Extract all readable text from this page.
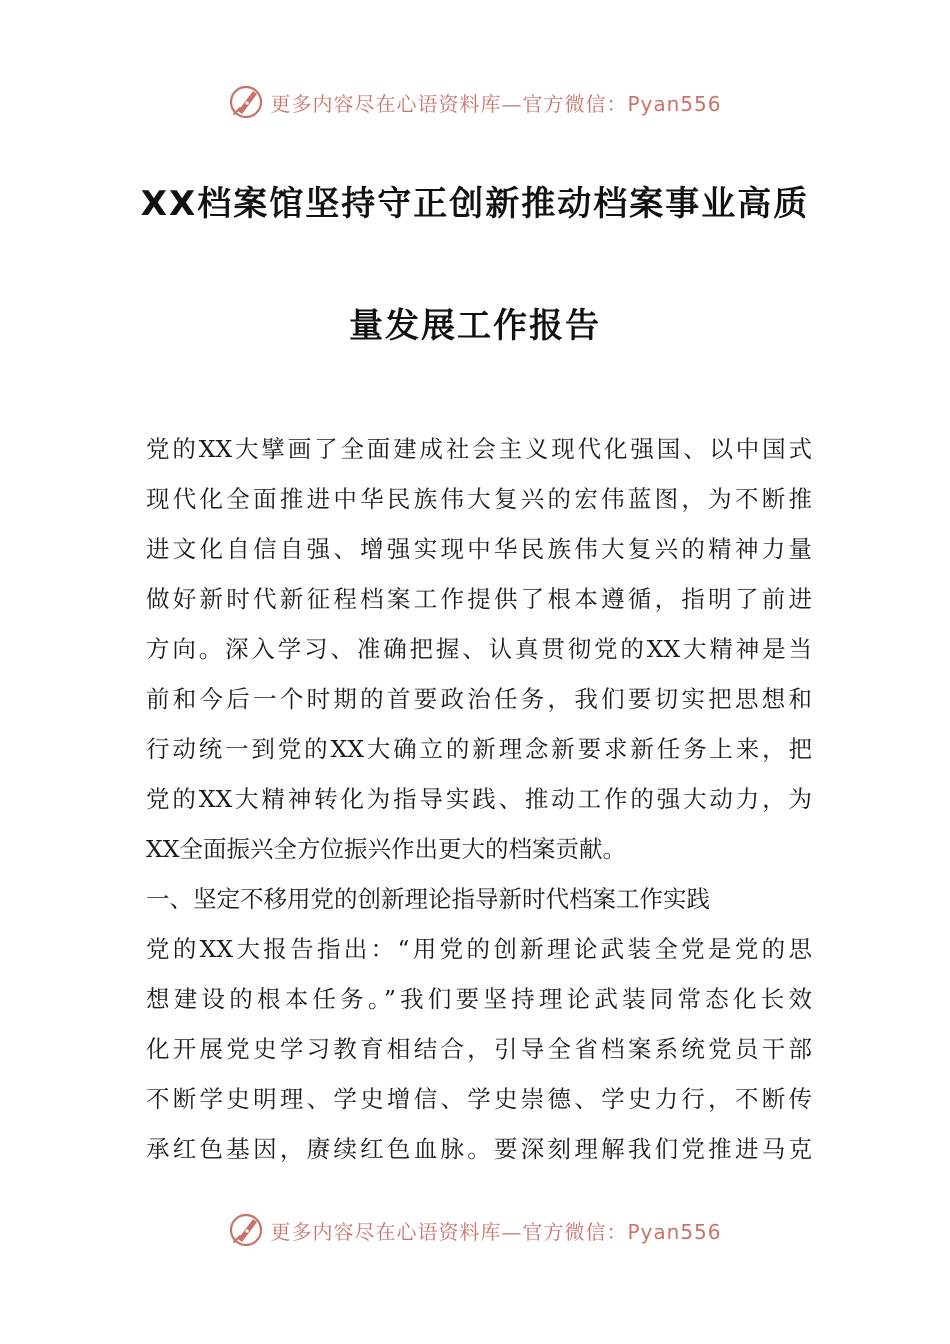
更多内容尽在心语资料库—官方微信：Pyan556
XX档案馆坚持守正创新推动档案事业高质
量发展工作报告
党的XX大擘画了全面建成社会主义现代化强国、以中国式
现代化全面推进中华民族伟大复兴的宏伟蓝图，为不断推
进文化自信自强、增强实现中华民族伟大复兴的精神力量
做好新时代新征程档案工作提供了根本遵循，指明了前进
方向。深入学习、准确把握、认真贯彻党的XX大精神是当
前和今后一个时期的首要政治任务，我们要切实把思想和
行动统一到党的XX大确立的新理念新要求新任务上来，把
党的XX大精神转化为指导实践、推动工作的强大动力，为
XX全面振兴全方位振兴作出更大的档案贡献。
一、坚定不移用党的创新理论指导新时代档案工作实践
党的XX大报告指出：“用党的创新理论武装全党是党的思
想建设的根本任务。”我们要坚持理论武装同常态化长效
化开展党史学习教育相结合，引导全省档案系统党员干部
不断学史明理、学史增信、学史崇德、学史力行，不断传
承红色基因，赓续红色血脉。要深刻理解我们党推进马克
更多内容尽在心语资料库—官方微信：Pyan556
